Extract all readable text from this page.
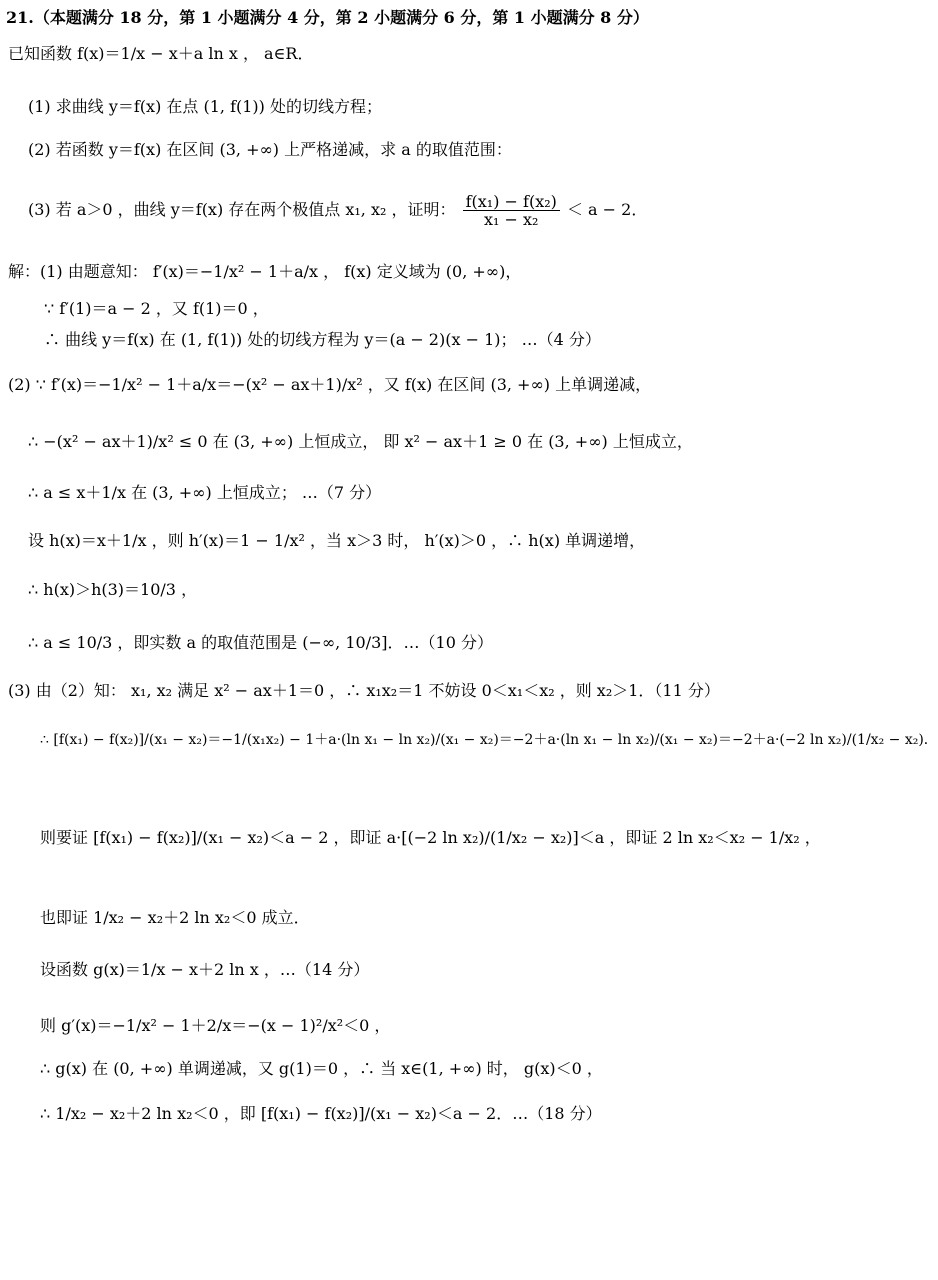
21.（本题满分 18 分，第 1 小题满分 4 分，第 2 小题满分 6 分，第 1 小题满分 8 分）
已知函数 f(x)＝1/x − x＋a ln x ， a∈R．
(1) 求曲线 y＝f(x) 在点 (1, f(1)) 处的切线方程；
(2) 若函数 y＝f(x) 在区间 (3, +∞) 上严格递减，求 a 的取值范围：
(3) 若 a＞0 ，曲线 y＝f(x) 存在两个极值点 x₁, x₂ ，证明： $\frac{\text{f(x₁) − f(x₂)}}{\text{x₁ − x₂}} < a - 2$．
解：(1) 由题意知： f′(x)＝−1/x² − 1＋a/x ， f(x) 定义域为 (0, +∞)，
∵ f′(1)＝a − 2 ，又 f(1)＝0 ，
∴ 曲线 y＝f(x) 在 (1, f(1)) 处的切线方程为 y＝(a − 2)(x − 1)； …（4 分）
(2) ∵ f′(x)＝−1/x² − 1＋a/x＝−(x² − ax＋1)/x² ，又 f(x) 在区间 (3, +∞) 上单调递减，
∴ −(x² − ax＋1)/x² ≤ 0 在 (3, +∞) 上恒成立， 即 x² − ax＋1 ≥ 0 在 (3, +∞) 上恒成立，
∴ a ≤ x＋1/x 在 (3, +∞) 上恒成立； …（7 分）
设 h(x)＝x＋1/x ，则 h′(x)＝1 − 1/x² ，当 x＞3 时， h′(x)＞0 ，∴ h(x) 单调递增，
∴ h(x)＞h(3)＝10/3 ，
∴ a ≤ 10/3 ，即实数 a 的取值范围是 (−∞, 10/3]．…（10 分）
(3) 由（2）知： x₁, x₂ 满足 x² − ax＋1＝0 ，∴ x₁x₂＝1 不妨设 0＜x₁＜x₂ ，则 x₂＞1．（11 分）
∴ [f(x₁) − f(x₂)]/(x₁ − x₂)＝−1/(x₁x₂) − 1＋a·(ln x₁ − ln x₂)/(x₁ − x₂)＝−2＋a·(ln x₁ − ln x₂)/(x₁ − x₂)＝−2＋a·(−2 ln x₂)/(1/x₂ − x₂)．
则要证 [f(x₁) − f(x₂)]/(x₁ − x₂)＜a − 2 ，即证 a·[(−2 ln x₂)/(1/x₂ − x₂)]＜a ，即证 2 ln x₂＜x₂ − 1/x₂ ，
也即证 1/x₂ − x₂＋2 ln x₂＜0 成立．
设函数 g(x)＝1/x − x＋2 ln x ，…（14 分）
则 g′(x)＝−1/x² − 1＋2/x＝−(x − 1)²/x²＜0 ，
∴ g(x) 在 (0, +∞) 单调递减，又 g(1)＝0 ，∴ 当 x∈(1, +∞) 时， g(x)＜0 ，
∴ 1/x₂ − x₂＋2 ln x₂＜0 ，即 [f(x₁) − f(x₂)]/(x₁ − x₂)＜a − 2．…（18 分）
